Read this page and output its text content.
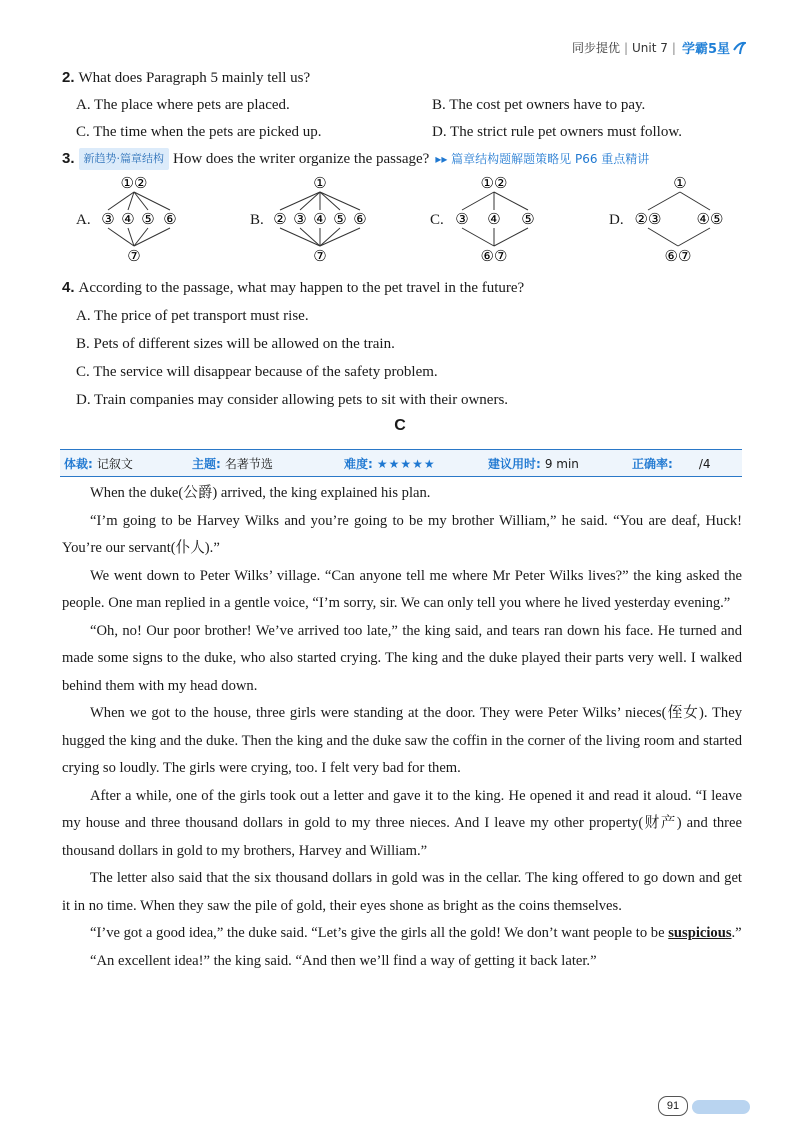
同步提优 | Unit 7 | 学霸5星
2. What does Paragraph 5 mainly tell us?
A. The place where pets are placed.	B. The cost pet owners have to pay.
C. The time when the pets are picked up.	D. The strict rule pet owners must follow.
3. 新趋势·篇章结构 How does the writer organize the passage? ▸▸ 篇章结构题解题策略见 P66 重点精讲
A.	B.	C.	D.
①②
③ ④ ⑤ ⑥
⑦
①
② ③ ④ ⑤ ⑥
⑦
①②
③ ④ ⑤
⑥⑦
①
②③ ④⑤
⑥⑦
4. According to the passage, what may happen to the pet travel in the future?
A. The price of pet transport must rise.
B. Pets of different sizes will be allowed on the train.
C. The service will disappear because of the safety problem.
D. Train companies may consider allowing pets to sit with their owners.
C
体裁: 记叙文	主题: 名著节选	难度: ★★★★★	建议用时: 9 min	正确率: /4

When the duke(公爵) arrived, the king explained his plan.

“I’m going to be Harvey Wilks and you’re going to be my brother William,” he said. “You are deaf, Huck! You’re our servant(仆人).”

We went down to Peter Wilks’ village. “Can anyone tell me where Mr Peter Wilks lives?” the king asked the people. One man replied in a gentle voice, “I’m sorry, sir. We can only tell you where he lived yesterday evening.”

“Oh, no! Our poor brother! We’ve arrived too late,” the king said, and tears ran down his face. He turned and made some signs to the duke, who also started crying. The king and the duke played their parts very well. I walked behind them with my head down.

When we got to the house, three girls were standing at the door. They were Peter Wilks’ nieces(侄女). They hugged the king and the duke. Then the king and the duke saw the coffin in the corner of the living room and started crying so loudly. The girls were crying, too. I felt very bad for them.

After a while, one of the girls took out a letter and gave it to the king. He opened it and read it aloud. “I leave my house and three thousand dollars in gold to my three nieces. And I leave my other property(财产) and three thousand dollars in gold to my brothers, Harvey and William.”

The letter also said that the six thousand dollars in gold was in the cellar. The king offered to go down and get it in no time. When they saw the pile of gold, their eyes shone as bright as the coins themselves.

“I’ve got a good idea,” the duke said. “Let’s give the girls all the gold! We don’t want people to be suspicious.”

“An excellent idea!” the king said. “And then we’ll find a way of getting it back later.”

91
